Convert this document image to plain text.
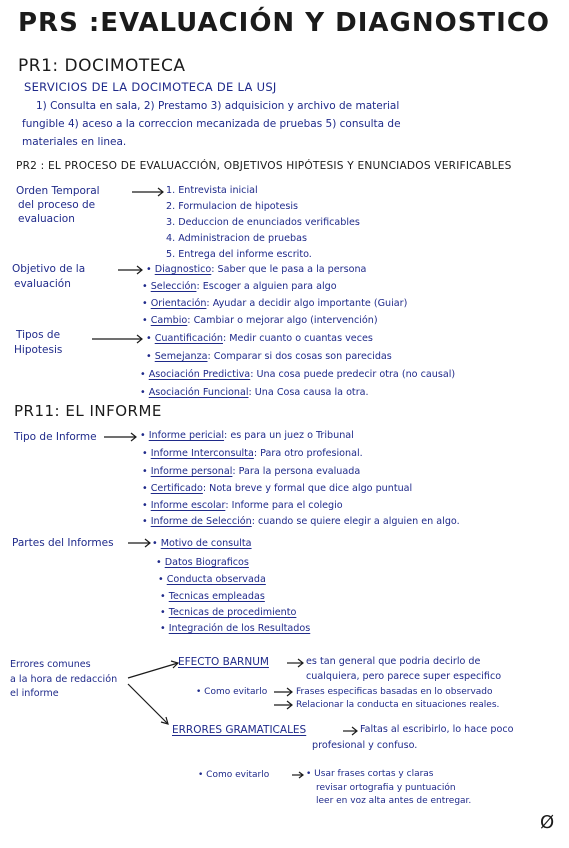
PRS :EVALUACIÓN Y DIAGNOSTICO
PR1: DOCIMOTECA
SERVICIOS DE LA DOCIMOTECA DE LA USJ
1) Consulta en sala, 2) Prestamo 3) adquisicion y archivo de material
fungible 4) aceso a la correccion mecanizada de pruebas 5) consulta de
materiales en linea.
PR2 : EL PROCESO DE EVALUACCIÓN, OBJETIVOS HIPÓTESIS Y ENUNCIADOS VERIFICABLES
Orden Temporal
del proceso de
evaluacion
1. Entrevista inicial
2. Formulacion de hipotesis
3. Deduccion de enunciados verificables
4. Administracion de pruebas
5. Entrega del informe escrito.
Objetivo de la
evaluación
• Diagnostico: Saber que le pasa a la persona
• Selección: Escoger a alguien para algo
• Orientación: Ayudar a decidir algo importante (Guiar)
• Cambio: Cambiar o mejorar algo (intervención)
Tipos de
Hipotesis
• Cuantificación: Medir cuanto o cuantas veces
• Semejanza: Comparar si dos cosas son parecidas
• Asociación Predictiva: Una cosa puede predecir otra (no causal)
• Asociación Funcional: Una Cosa causa la otra.
PR11: EL INFORME
Tipo de Informe	• Informe pericial: es para un juez o Tribunal
• Informe Interconsulta: Para otro profesional.
• Informe personal: Para la persona evaluada
• Certificado: Nota breve y formal que dice algo puntual
• Informe escolar: Informe para el colegio
• Informe de Selección: cuando se quiere elegir a alguien en algo.
Partes del Informes	• Motivo de consulta
• Datos Biograficos
• Conducta observada
• Tecnicas empleadas
• Tecnicas de procedimiento
• Integración de los Resultados
Errores comunes
a la hora de redacción
el informe
EFECTO BARNUM	es tan general que podria decirlo de
cualquiera, pero parece super especifico
• Como evitarlo	Frases especificas basadas en lo observado
Relacionar la conducta en situaciones reales.
ERRORES GRAMATICALES	Faltas al escribirlo, lo hace poco
profesional y confuso.
• Como evitarlo	• Usar frases cortas y claras
revisar ortografia y puntuación
leer en voz alta antes de entregar.
Ø
